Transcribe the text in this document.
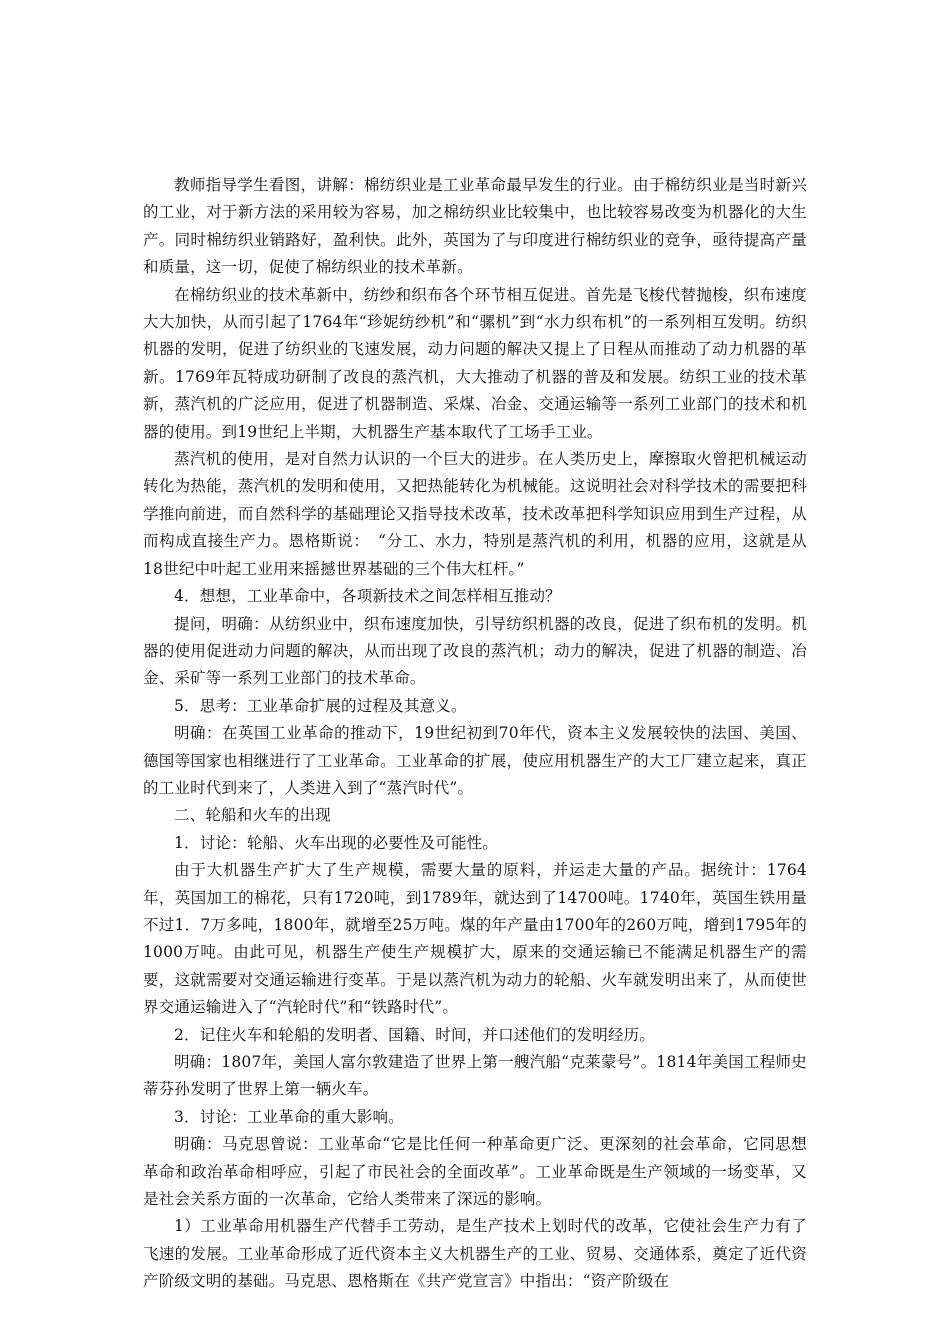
教师指导学生看图，讲解：棉纺织业是工业革命最早发生的行业。由于棉纺织业是当时新兴的工业，对于新方法的采用较为容易，加之棉纺织业比较集中，也比较容易改变为机器化的大生产。同时棉纺织业销路好，盈利快。此外，英国为了与印度进行棉纺织业的竞争，亟待提高产量和质量，这一切，促使了棉纺织业的技术革新。

在棉纺织业的技术革新中，纺纱和织布各个环节相互促进。首先是飞梭代替抛梭，织布速度大大加快，从而引起了1764年“珍妮纺纱机”和“骡机”到“水力织布机”的一系列相互发明。纺织机器的发明，促进了纺织业的飞速发展，动力问题的解决又提上了日程从而推动了动力机器的革新。1769年瓦特成功研制了改良的蒸汽机，大大推动了机器的普及和发展。纺织工业的技术革新，蒸汽机的广泛应用，促进了机器制造、采煤、冶金、交通运输等一系列工业部门的技术和机器的使用。到19世纪上半期，大机器生产基本取代了工场手工业。

蒸汽机的使用，是对自然力认识的一个巨大的进步。在人类历史上，摩擦取火曾把机械运动转化为热能，蒸汽机的发明和使用，又把热能转化为机械能。这说明社会对科学技术的需要把科学推向前进，而自然科学的基础理论又指导技术改革，技术改革把科学知识应用到生产过程，从而构成直接生产力。恩格斯说：　“分工、水力，特别是蒸汽机的利用，机器的应用，这就是从18世纪中叶起工业用来摇撼世界基础的三个伟大杠杆。”

4．想想，工业革命中，各项新技术之间怎样相互推动？

提问，明确：从纺织业中，织布速度加快，引导纺织机器的改良，促进了织布机的发明。机器的使用促进动力问题的解决，从而出现了改良的蒸汽机；动力的解决，促进了机器的制造、冶金、采矿等一系列工业部门的技术革命。

5．思考：工业革命扩展的过程及其意义。

明确：在英国工业革命的推动下，19世纪初到70年代，资本主义发展较快的法国、美国、德国等国家也相继进行了工业革命。工业革命的扩展，使应用机器生产的大工厂建立起来，真正的工业时代到来了，人类进入到了“蒸汽时代”。

二、轮船和火车的出现

1．讨论：轮船、火车出现的必要性及可能性。

由于大机器生产扩大了生产规模，需要大量的原料，并运走大量的产品。据统计：1764年，英国加工的棉花，只有1720吨，到1789年，就达到了14700吨。1740年，英国生铁用量不过1．7万多吨，1800年，就增至25万吨。煤的年产量由1700年的260万吨，增到1795年的1000万吨。由此可见，机器生产使生产规模扩大，原来的交通运输已不能满足机器生产的需要，这就需要对交通运输进行变革。于是以蒸汽机为动力的轮船、火车就发明出来了，从而使世界交通运输进入了“汽轮时代”和“铁路时代”。

2．记住火车和轮船的发明者、国籍、时间，并口述他们的发明经历。

明确：1807年，美国人富尔敦建造了世界上第一艘汽船“克莱蒙号”。1814年美国工程师史蒂芬孙发明了世界上第一辆火车。

3．讨论：工业革命的重大影响。

明确：马克思曾说：工业革命“它是比任何一种革命更广泛、更深刻的社会革命，它同思想革命和政治革命相呼应，引起了市民社会的全面改革”。工业革命既是生产领域的一场变革，又是社会关系方面的一次革命，它给人类带来了深远的影响。

1）工业革命用机器生产代替手工劳动，是生产技术上划时代的改革，它使社会生产力有了飞速的发展。工业革命形成了近代资本主义大机器生产的工业、贸易、交通体系，奠定了近代资产阶级文明的基础。马克思、恩格斯在《共产党宣言》中指出：“资产阶级在
